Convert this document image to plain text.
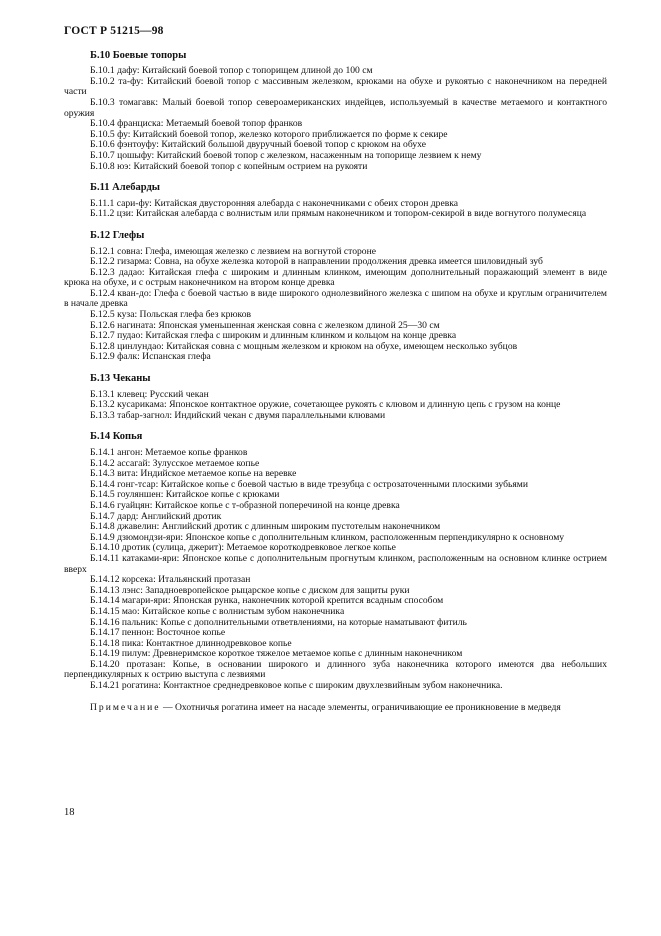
ГОСТ Р 51215—98
Б.10 Боевые топоры

Б.10.1 дафу: Китайский боевой топор с топорищем длиной до 100 см

Б.10.2 та-фу: Китайский боевой топор с массивным железком, крюками на обухе и рукоятью с наконечником на передней части

Б.10.3 томагавк: Малый боевой топор североамериканских индейцев, используемый в качестве метаемого и контактного оружия

Б.10.4 франциска: Метаемый боевой топор франков

Б.10.5 фу: Китайский боевой топор, железко которого приближается по форме к секире

Б.10.6 фэнтоуфу: Китайский большой двуручный боевой топор с крюком на обухе

Б.10.7 цошыфу: Китайский боевой топор с железком, насаженным на топорище лезвием к нему

Б.10.8 юэ: Китайский боевой топор с копейным острием на рукояти

Б.11 Алебарды

Б.11.1 сари-фу: Китайская двусторонняя алебарда с наконечниками с обеих сторон древка

Б.11.2 цзи: Китайская алебарда с волнистым или прямым наконечником и топором-секирой в виде вогнутого полумесяца

Б.12 Глефы

Б.12.1 совна: Глефа, имеющая железко с лезвием на вогнутой стороне

Б.12.2 гизарма: Совна, на обухе железка которой в направлении продолжения древка имеется шиловидный зуб

Б.12.3 дадао: Китайская глефа с широким и длинным клинком, имеющим дополнительный поражающий элемент в виде крюка на обухе, и с острым наконечником на втором конце древка

Б.12.4 кван-до: Глефа с боевой частью в виде широкого однолезвийного железка с шипом на обухе и круглым ограничителем в начале древка

Б.12.5 куза: Польская глефа без крюков

Б.12.6 нагината: Японская уменьшенная женская совна с железком длиной 25—30 см

Б.12.7 пудао: Китайская глефа с широким и длинным клинком и кольцом на конце древка

Б.12.8 цинлундао: Китайская совна с мощным железком и крюком на обухе, имеющем несколько зубцов

Б.12.9 фалк: Испанская глефа

Б.13 Чеканы

Б.13.1 клевец: Русский чекан

Б.13.2 кусарикама: Японское контактное оружие, сочетающее рукоять с клювом и длинную цепь с грузом на конце

Б.13.3 табар-загнол: Индийский чекан с двумя параллельными клювами

Б.14 Копья

Б.14.1 ангон: Метаемое копье франков

Б.14.2 ассагай: Зулусское метаемое копье

Б.14.3 вита: Индийское метаемое копье на веревке

Б.14.4 гонг-тсар: Китайское копье с боевой частью в виде трезубца с острозаточенными плоскими зубьями

Б.14.5 гоуляншен: Китайское копье с крюками

Б.14.6 гуайцян: Китайское копье с т-образной поперечиной на конце древка

Б.14.7 дард: Английский дротик

Б.14.8 джавелин: Английский дротик с длинным широким пустотелым наконечником

Б.14.9 дзюмондзи-яри: Японское копье с дополнительным клинком, расположенным перпендикулярно к основному

Б.14.10 дротик (сулица, джерит): Метаемое короткодревковое легкое копье

Б.14.11 катаками-яри: Японское копье с дополнительным прогнутым клинком, расположенным на основном клинке острием вверх

Б.14.12 корсека: Итальянский протазан

Б.14.13 лэнс: Западноевропейское рыцарское копье с диском для защиты руки

Б.14.14 магари-яри: Японская рунка, наконечник которой крепится вcадным способом

Б.14.15 мао: Китайское копье с волнистым зубом наконечника

Б.14.16 пальник: Копье с дополнительными ответвлениями, на которые наматывают фитиль

Б.14.17 пеннон: Восточное копье

Б.14.18 пика: Контактное длиннодревковое копье

Б.14.19 пилум: Древнеримское короткое тяжелое метаемое копье с длинным наконечником

Б.14.20 протазан: Копье, в основании широкого и длинного зуба наконечника которого имеются два небольших перпендикулярных к острию выступа с лезвиями

Б.14.21 рогатина: Контактное среднедревковое копье с широким двухлезвийным зубом наконечника.

Примечание — Охотничья рогатина имеет на насаде элементы, ограничивающие ее проникновение в медведя

18
